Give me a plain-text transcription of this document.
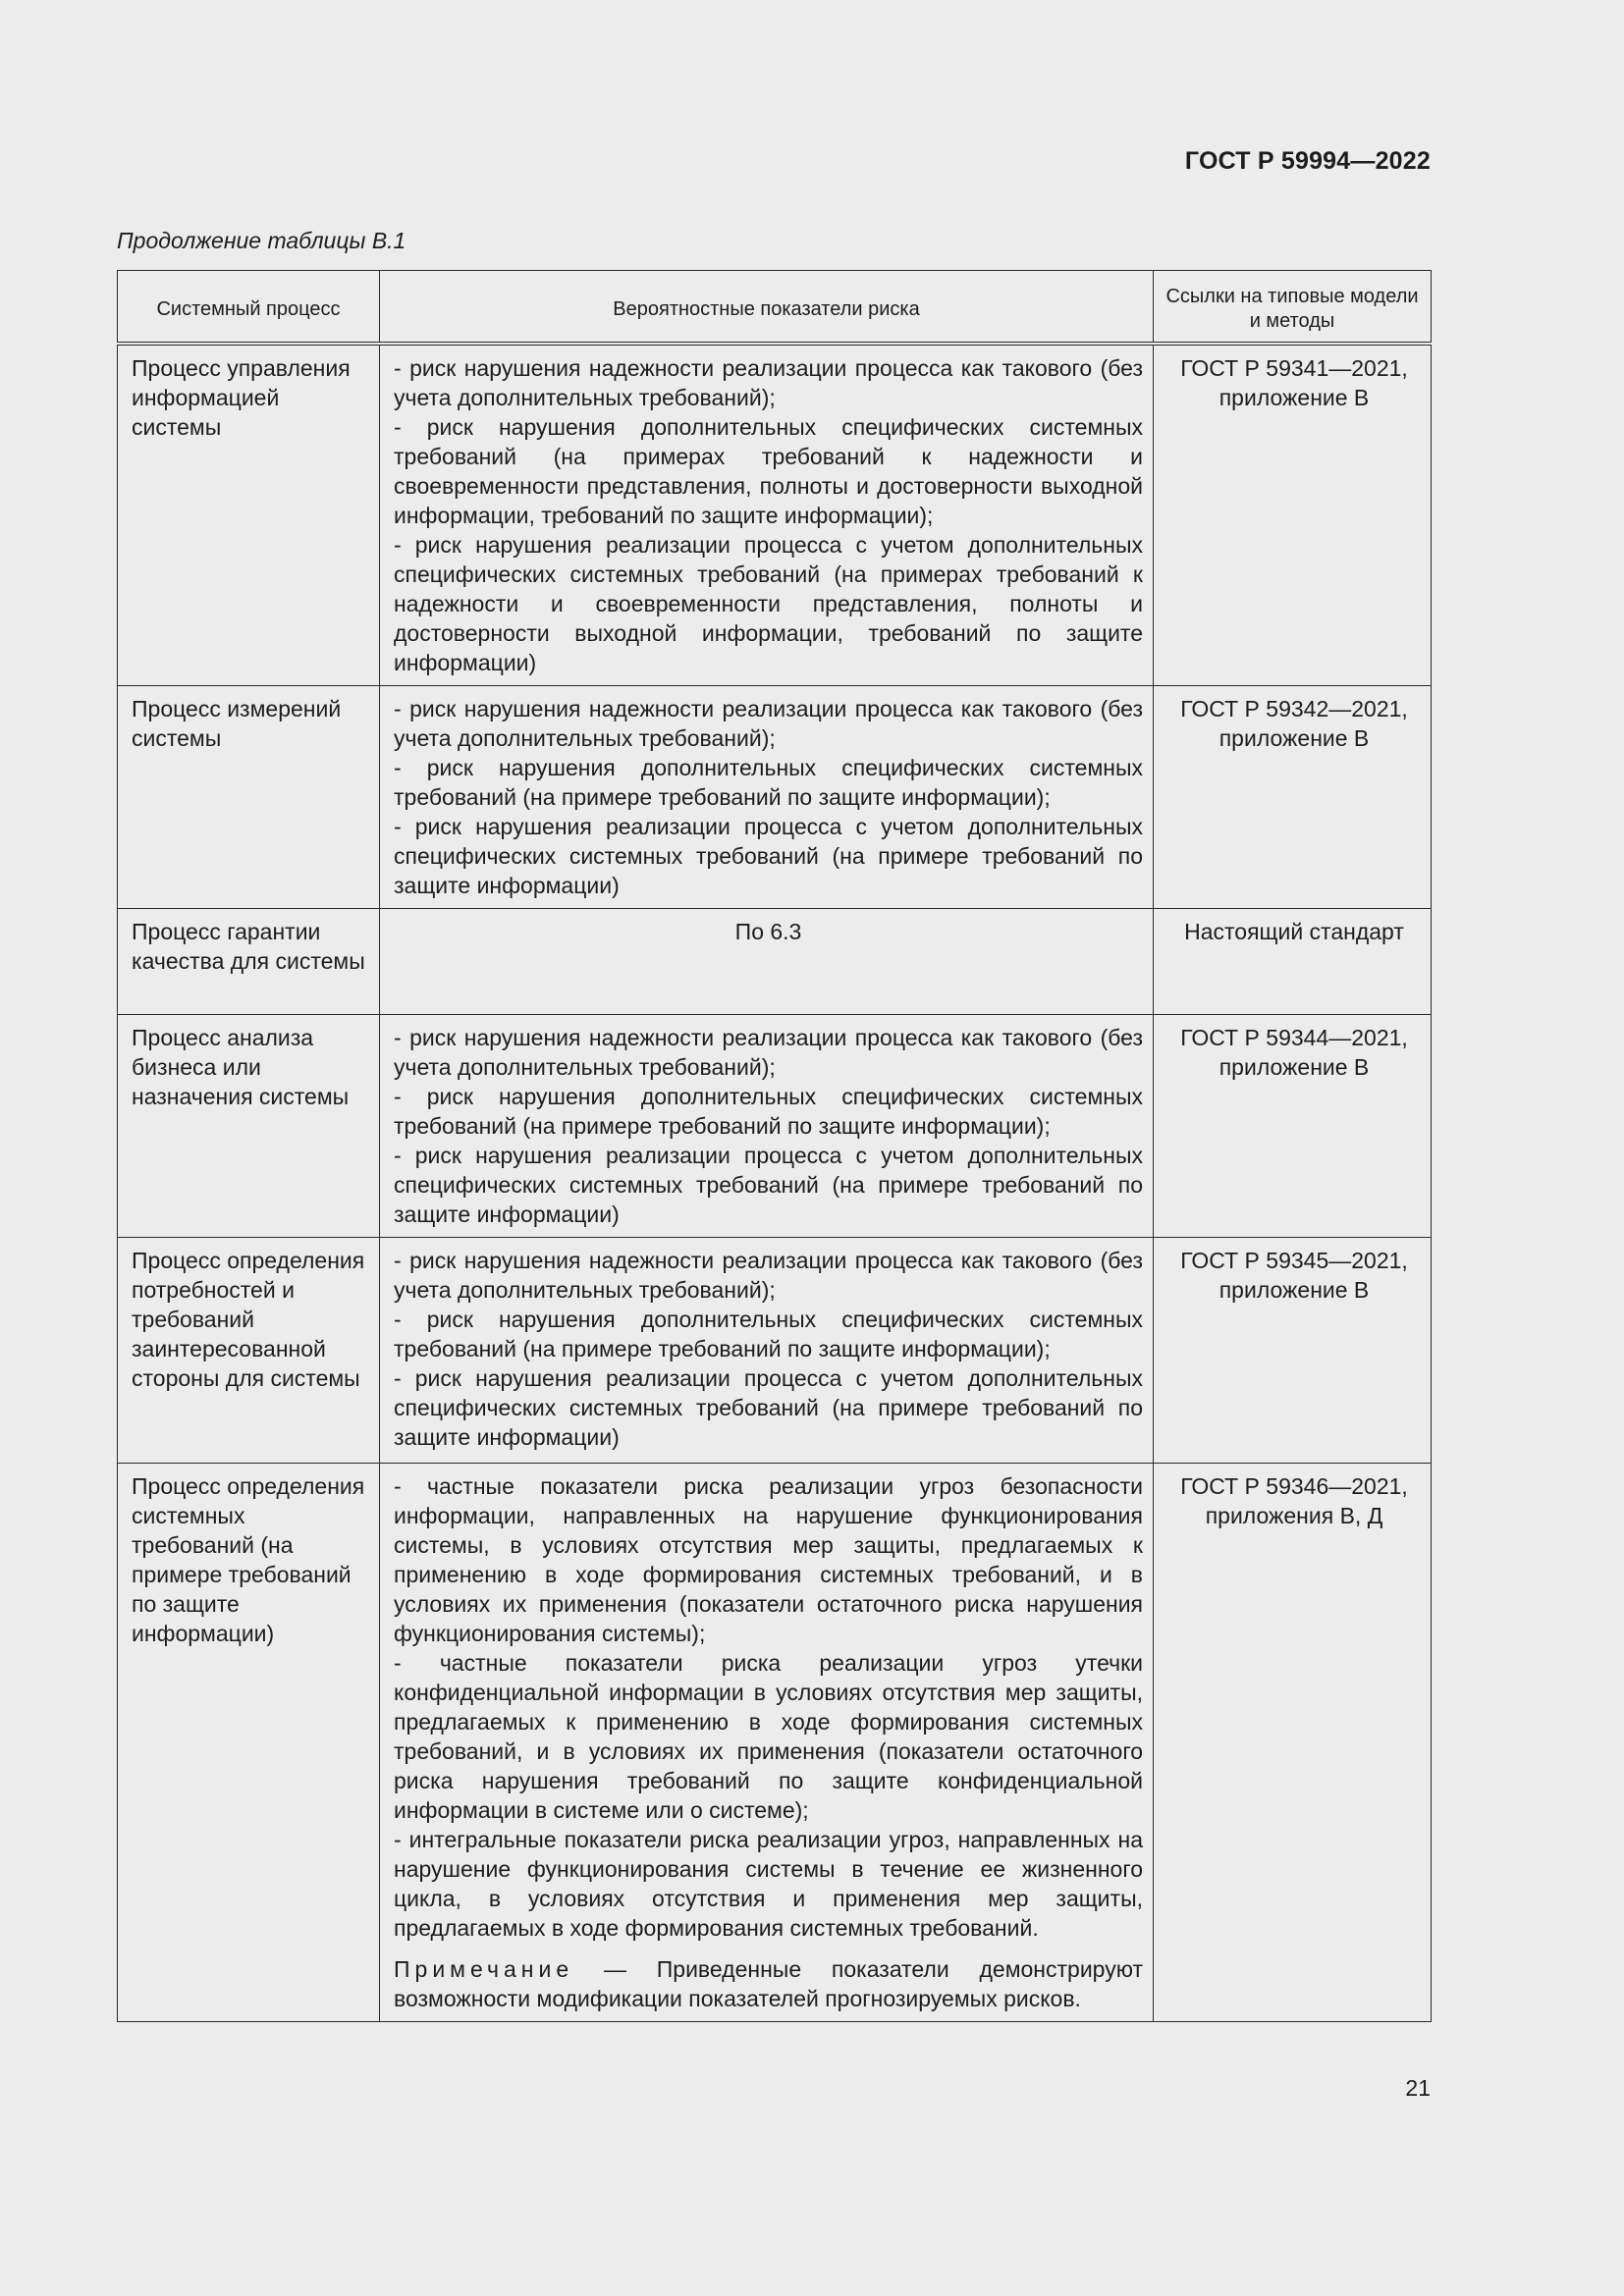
ГОСТ Р 59994—2022
Продолжение таблицы В.1
Системный процесс	Вероятностные показатели риска	Ссылки на типовые модели и методы
Процесс управления информацией системы	- риск нарушения надежности реализации процесса как такового (без учета дополнительных требований);
- риск нарушения дополнительных специфических системных требований (на примерах требований к надежности и своевременности представления, полноты и достоверности выходной информации, требований по защите информации);
- риск нарушения реализации процесса с учетом дополнительных специфических системных требований (на примерах требований к надежности и своевременности представления, полноты и достоверности выходной информации, требований по защите информации)	ГОСТ Р 59341—2021, приложение В
Процесс измерений системы	- риск нарушения надежности реализации процесса как такового (без учета дополнительных требований);
- риск нарушения дополнительных специфических системных требований (на примере требований по защите информации);
- риск нарушения реализации процесса с учетом дополнительных специфических системных требований (на примере требований по защите информации)	ГОСТ Р 59342—2021, приложение В
Процесс гарантии качества для системы	По 6.3	Настоящий стандарт
Процесс анализа бизнеса или назначения системы	- риск нарушения надежности реализации процесса как такового (без учета дополнительных требований);
- риск нарушения дополнительных специфических системных требований (на примере требований по защите информации);
- риск нарушения реализации процесса с учетом дополнительных специфических системных требований (на примере требований по защите информации)	ГОСТ Р 59344—2021, приложение В
Процесс определения потребностей и требований заинтересованной стороны для системы	- риск нарушения надежности реализации процесса как такового (без учета дополнительных требований);
- риск нарушения дополнительных специфических системных требований (на примере требований по защите информации);
- риск нарушения реализации процесса с учетом дополнительных специфических системных требований (на примере требований по защите информации)	ГОСТ Р 59345—2021, приложение В
Процесс определения системных требований (на примере требований по защите информации)	- частные показатели риска реализации угроз безопасности информации, направленных на нарушение функционирования системы, в условиях отсутствия мер защиты, предлагаемых к применению в ходе формирования системных требований, и в условиях их применения (показатели остаточного риска нарушения функционирования системы);
- частные показатели риска реализации угроз утечки конфиденциальной информации в условиях отсутствия мер защиты, предлагаемых к применению в ходе формирования системных требований, и в условиях их применения (показатели остаточного риска нарушения требований по защите конфиденциальной информации в системе или о системе);
- интегральные показатели риска реализации угроз, направленных на нарушение функционирования системы в течение ее жизненного цикла, в условиях отсутствия и применения мер защиты, предлагаемых в ходе формирования системных требований.
Примечание — Приведенные показатели демонстрируют возможности модификации показателей прогнозируемых рисков.	ГОСТ Р 59346—2021, приложения В, Д
21
